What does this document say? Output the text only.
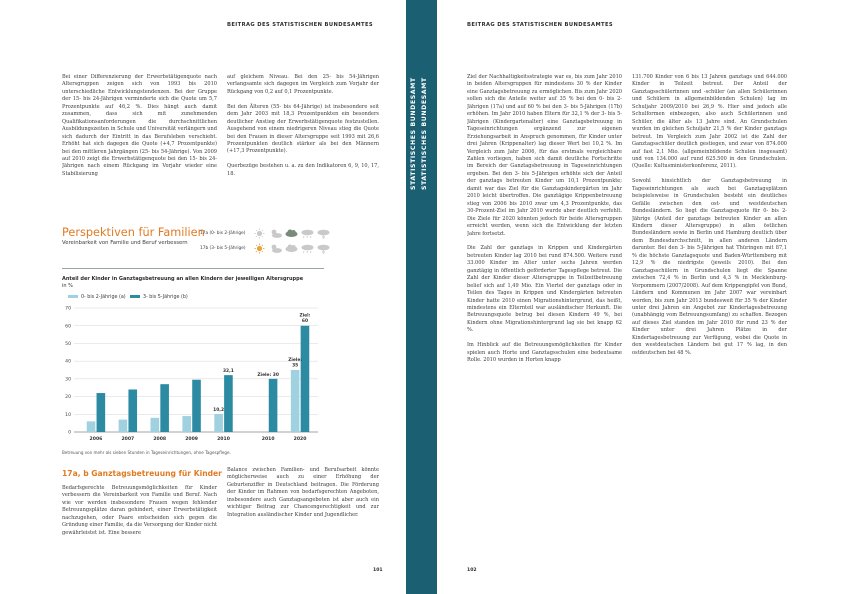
STATISTISCHES BUNDESAMT STATISTISCHES BUNDESAMT
BEITRAG DES STATISTISCHEN BUNDESAMTES	BEITRAG DES STATISTISCHEN BUNDESAMTES

Bei einer Differenzierung der Erwerbstätigenquote nach Altersgruppen zeigen sich von 1993 bis 2010 unterschiedliche Entwicklungstendenzen. Bei der Gruppe der 15- bis 24-Jährigen verminderte sich die Quote um 5,7 Prozentpunkte auf 46,2 %. Dies hängt auch damit zusammen, dass sich mit zunehmenden Qualifikationsanforderungen die durchschnittlichen Ausbildungszeiten in Schule und Universität verlängern und sich dadurch der Eintritt in das Berufsleben verschiebt. Erhöht hat sich dagegen die Quote (+4,7 Prozentpunkte) bei den mittleren Jahrgängen (25- bis 54-Jährige). Von 2009 auf 2010 zeigt die Erwerbstätigenquote bei den 15- bis 24-Jährigen nach einem Rückgang im Vorjahr wieder eine Stabilisierung

auf gleichem Niveau. Bei den 25- bis 54-Jährigen verlangsamte sich dagegen im Vergleich zum Vorjahr der Rückgang von 0,2 auf 0,1 Prozentpunkte.

Bei den Älteren (55- bis 64-Jährige) ist insbesondere seit dem Jahr 2003 mit 18,3 Prozentpunkten ein besonders deutlicher Anstieg der Erwerbstätigenquote festzustellen. Ausgehend von einem niedrigeren Niveau stieg die Quote bei den Frauen in dieser Altersgruppe seit 1993 mit 26,6 Prozentpunkten deutlich stärker als bei den Männern (+17,3 Prozentpunkte).

Querbezüge bestehen u. a. zu den Indikatoren 6, 9, 10, 17, 18.

Perspektiven für Familien
Vereinbarkeit von Familie und Beruf verbessern
17a (0- bis 2-Jährige)
17b (3- bis 5-Jährige)
Anteil der Kinder in Ganztagsbetreuung an allen Kindern der jeweiligen Altersgruppe
in %
0- bis 2-Jährige (a)	3- bis 5-Jährige (b)
0
10
20
30
40
50
60
70
2006	2007	2008	2009	2010	2010	2020
10,2
32,1
Ziele: 30
Ziele:
35
Ziel:
60
Betreuung von mehr als sieben Stunden in Tageseinrichtungen, ohne Tagespflege.
17a, b Ganztagsbetreuung für Kinder

Bedarfsgerechte Betreuungsmöglichkeiten für Kinder verbessern die Vereinbarkeit von Familie und Beruf. Nach wie vor werden insbesondere Frauen wegen fehlender Betreuungsplätze daran gehindert, einer Erwerbstätigkeit nachzugehen, oder Paare entscheiden sich gegen die Gründung einer Familie, da die Versorgung der Kinder nicht gewährleistet ist. Eine bessere

Balance zwischen Familien- und Berufsarbeit könnte möglicherweise auch zu einer Erhöhung der Geburtenziffer in Deutschland beitragen. Die Förderung der Kinder im Rahmen von bedarfsgerechten Angeboten, insbesondere auch Ganztagsangeboten ist aber auch ein wichtiger Beitrag zur Chancengerechtigkeit und zur Integration ausländischer Kinder und Jugendlicher.

Ziel der Nachhaltigkeitsstrategie war es, bis zum Jahr 2010 in beiden Altersgruppen für mindestens 30 % der Kinder eine Ganztagsbetreuung zu ermöglichen. Bis zum Jahr 2020 sollen sich die Anteile weiter auf 35 % bei den 0- bis 2-Jährigen (17a) und auf 60 % bei den 3- bis 5-Jährigen (17b) erhöhen. Im Jahr 2010 haben Eltern für 32,1 % der 3- bis 5-Jährigen (Kindergartenalter) eine Ganztagsbetreuung in Tageseinrichtungen ergänzend zur eigenen Erziehungsarbeit in Anspruch genommen, für Kinder unter drei Jahren (Krippenalter) lag dieser Wert bei 10,2 %. Im Vergleich zum Jahr 2006, für das erstmals vergleichbare Zahlen vorliegen, haben sich damit deutliche Fortschritte im Bereich der Ganztagsbetreuung in Tageseinrichtungen ergeben. Bei den 3- bis 5-Jährigen erhöhte sich der Anteil der ganztags betreuten Kinder um 10,1 Prozentpunkte; damit war das Ziel für die Ganztagskindergärten im Jahr 2010 leicht übertroffen. Die ganztägige Krippenbetreuung stieg von 2006 bis 2010 zwar um 4,3 Prozentpunkte, das 30-Prozent-Ziel im Jahr 2010 wurde aber deutlich verfehlt. Die Ziele für 2020 könnten jedoch für beide Altersgruppen erreicht werden, wenn sich die Entwicklung der letzten Jahre fortsetzt.

Die Zahl der ganztags in Krippen und Kindergärten betreuten Kinder lag 2010 bei rund 874.500. Weitere rund 33.000 Kinder im Alter unter sechs Jahren werden ganztägig in öffentlich geförderter Tagespflege betreut. Die Zahl der Kinder dieser Altersgruppe in Teilzeitbetreuung belief sich auf 1,49 Mio. Ein Viertel der ganztags oder in Teilen des Tages in Krippen und Kindergärten betreuten Kinder hatte 2010 einen Migrationshintergrund, das heißt, mindestens ein Elternteil war ausländischer Herkunft. Die Betreuungsquote betrug bei diesen Kindern 49 %, bei Kindern ohne Migrationshintergrund lag sie bei knapp 62 %.

Im Hinblick auf die Betreuungsmöglichkeiten für Kinder spielen auch Horte und Ganztagsschulen eine bedeutsame Rolle. 2010 wurden in Horten knapp

131.700 Kinder von 6 bis 13 Jahren ganztags und 644.000 Kinder in Teilzeit betreut. Der Anteil der Ganztagsschülerinnen und -schüler (an allen Schülerinnen und Schülern in allgemeinbildenden Schulen) lag im Schuljahr 2009/2010 bei 26,9 %. Hier sind jedoch alle Schulformen einbezogen, also auch Schülerinnen und Schüler, die älter als 13 Jahre sind. An Grundschulen wurden im gleichen Schuljahr 21,5 % der Kinder ganztags betreut. Im Vergleich zum Jahr 2002 ist die Zahl der Ganztagsschüler deutlich gestiegen, und zwar von 874.000 auf fast 2,1 Mio. (allgemeinbildende Schulen insgesamt) und von 134.000 auf rund 625.500 in den Grundschulen. (Quelle: Kultusministerkonferenz, 2011).

Sowohl hinsichtlich der Ganztagsbetreuung in Tageseinrichtungen als auch bei Ganztagsplätzen beispielsweise in Grundschulen besteht ein deutliches Gefälle zwischen den ost- und westdeutschen Bundesländern. So liegt die Ganztagsquote für 0- bis 2-Jährige (Anteil der ganztags betreuten Kinder an allen Kindern dieser Altersgruppe) in allen östlichen Bundesländern sowie in Berlin und Hamburg deutlich über dem Bundesdurchschnitt, in allen anderen Ländern darunter. Bei den 3- bis 5-Jährigen hat Thüringen mit 87,1 % die höchste Ganztagsquote und Baden-Württemberg mit 12,9 % die niedrigste (jeweils 2010). Bei den Ganztagsschülern in Grundschulen liegt die Spanne zwischen 72,4 % in Berlin und 4,3 % in Mecklenburg-Vorpommern (2007/2008). Auf dem Krippengipfel von Bund, Ländern und Kommunen im Jahr 2007 war vereinbart worden, bis zum Jahr 2013 bundesweit für 35 % der Kinder unter drei Jahren ein Angebot zur Kindertagesbetreuung (unabhängig vom Betreuungsumfang) zu schaffen. Bezogen auf dieses Ziel standen im Jahr 2010 für rund 23 % der Kinder unter drei Jahren Plätze in der Kindertagesbetreuung zur Verfügung, wobei die Quote in den westdeutschen Ländern bei gut 17 % lag, in den ostdeutschen bei 48 %.

101	102
